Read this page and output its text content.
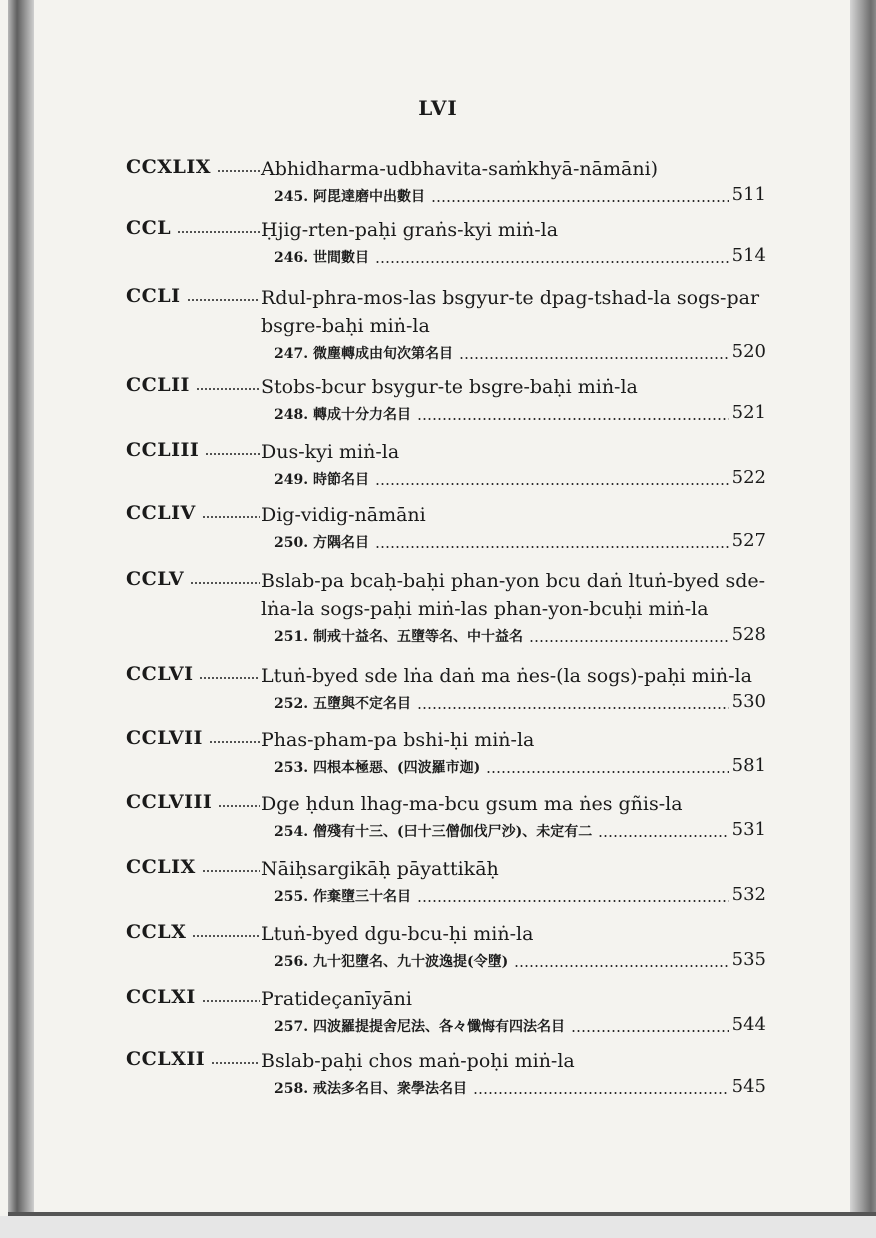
LVI
CCXLIX	Abhidharma-udbhavita-saṁkhyā-nāmāni)
245. 阿毘達磨中出數目	511
CCL	Ḥjig-rten-paḥi graṅs-kyi miṅ-la
246. 世間數目	514
CCLI	Rdul-phra-mos-las bsgyur-te dpag-tshad-la sogs-par
bsgre-baḥi miṅ-la
247. 微塵轉成由旬次第名目	520
CCLII	Stobs-bcur bsygur-te bsgre-baḥi miṅ-la
248. 轉成十分力名目	521
CCLIII	Dus-kyi miṅ-la
249. 時節名目	522
CCLIV	Dig-vidig-nāmāni
250. 方隅名目	527
CCLV	Bslab-pa bcaḥ-baḥi phan-yon bcu daṅ ltuṅ-byed sde-
lṅa-la sogs-paḥi miṅ-las phan-yon-bcuḥi miṅ-la
251. 制戒十益名、五墮等名、中十益名	528
CCLVI	Ltuṅ-byed sde lṅa daṅ ma ṅes-(la sogs)-paḥi miṅ-la
252. 五墮與不定名目	530
CCLVII	Phas-pham-pa bshi-ḥi miṅ-la
253. 四根本極惡、(四波羅市迦)	581
CCLVIII	Dge ḥdun lhag-ma-bcu gsum ma ṅes gñis-la
254. 僧殘有十三、(曰十三僧伽伐尸沙)、未定有二	531
CCLIX	Nāiḥsargikāḥ pāyattikāḥ
255. 作棄墮三十名目	532
CCLX	Ltuṅ-byed dgu-bcu-ḥi miṅ-la
256. 九十犯墮名、九十波逸提(令墮)	535
CCLXI	Pratideçanīyāni
257. 四波羅提提舍尼法、各々懺悔有四法名目	544
CCLXII	Bslab-paḥi chos maṅ-poḥi miṅ-la
258. 戒法多名目、衆學法名目	545
